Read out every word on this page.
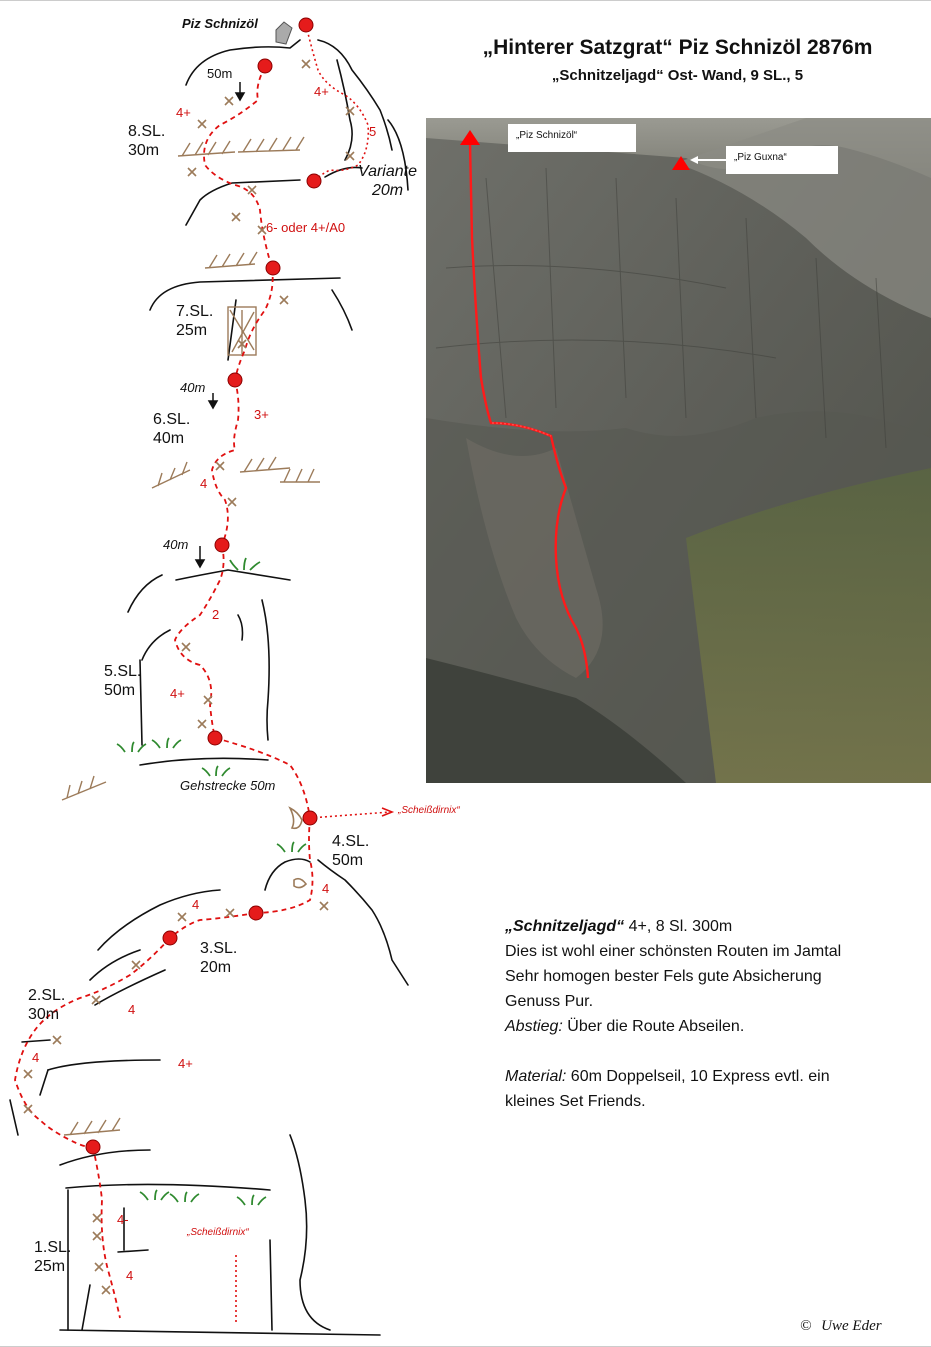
„Hinterer Satzgrat“ Piz Schnizöl 2876m
„Schnitzeljagd“ Ost- Wand, 9 SL., 5
Piz Schnizöl
8.SL.
30m
7.SL.
25m
6.SL.
40m
5.SL.
50m
4.SL.
50m
3.SL.
20m
2.SL.
30m
1.SL.
25m
Variante
20m
4+
4+
5
6- oder 4+/A0
3+
4
2
4+
4
4
4
4	4+
4-
4
50m
40m
40m
Gehstrecke 50m
„Scheißdirnix“
„Scheißdirnix“
„Piz Schnizöl“
„Piz Guxna“
„Schnitzeljagd“ 4+, 8 Sl. 300m
Dies ist wohl einer schönsten Routen im Jamtal
Sehr homogen bester Fels gute Absicherung
Genuss Pur.
Abstieg: Über die Route Abseilen.
Material: 60m Doppelseil, 10 Express evtl. ein
kleines Set Friends.
© Uwe Eder
